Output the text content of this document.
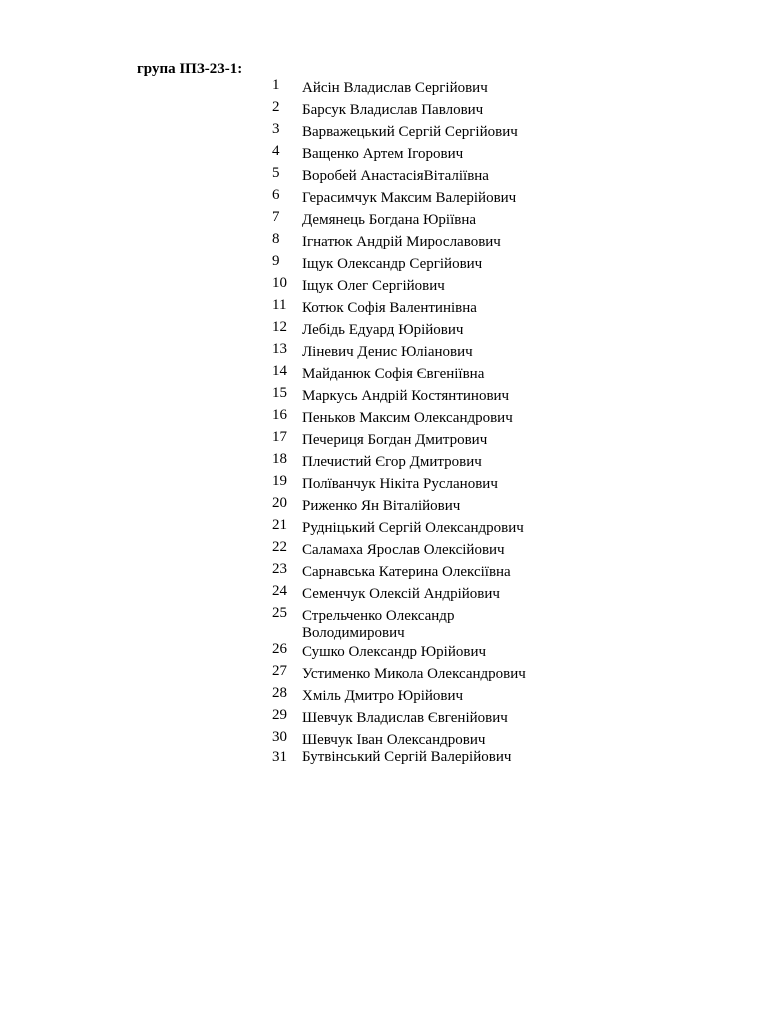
група ІПЗ-23-1:
1 Айсін Владислав Сергійович
2 Барсук Владислав Павлович
3 Варважецький Сергій Сергійович
4 Ващенко Артем Ігорович
5 Воробей АнастасіяВіталіївна
6 Герасимчук Максим Валерійович
7 Демянець Богдана Юріївна
8 Ігнатюк Андрій Мирославович
9 Іщук Олександр Сергійович
10 Іщук Олег Сергійович
11 Котюк Софія Валентинівна
12 Лебідь Едуард Юрійович
13 Ліневич Денис Юліанович
14 Майданюк Софія Євгеніївна
15 Маркусь Андрій Костянтинович
16 Пеньков Максим Олександрович
17 Печериця Богдан Дмитрович
18 Плечистий Єгор Дмитрович
19 Полїванчук Нікіта Русланович
20 Риженко Ян Віталійович
21 Рудніцький Сергій Олександрович
22 Саламаха Ярослав Олексійович
23 Сарнавська Катерина Олексіївна
24 Семенчук Олексій Андрійович
25 Стрельченко Олександр Володимирович
26 Сушко Олександр Юрійович
27 Устименко Микола Олександрович
28 Хміль Дмитро Юрійович
29 Шевчук Владислав Євгенійович
30 Шевчук Іван Олександрович
31 Бутвінський Сергій Валерійович
